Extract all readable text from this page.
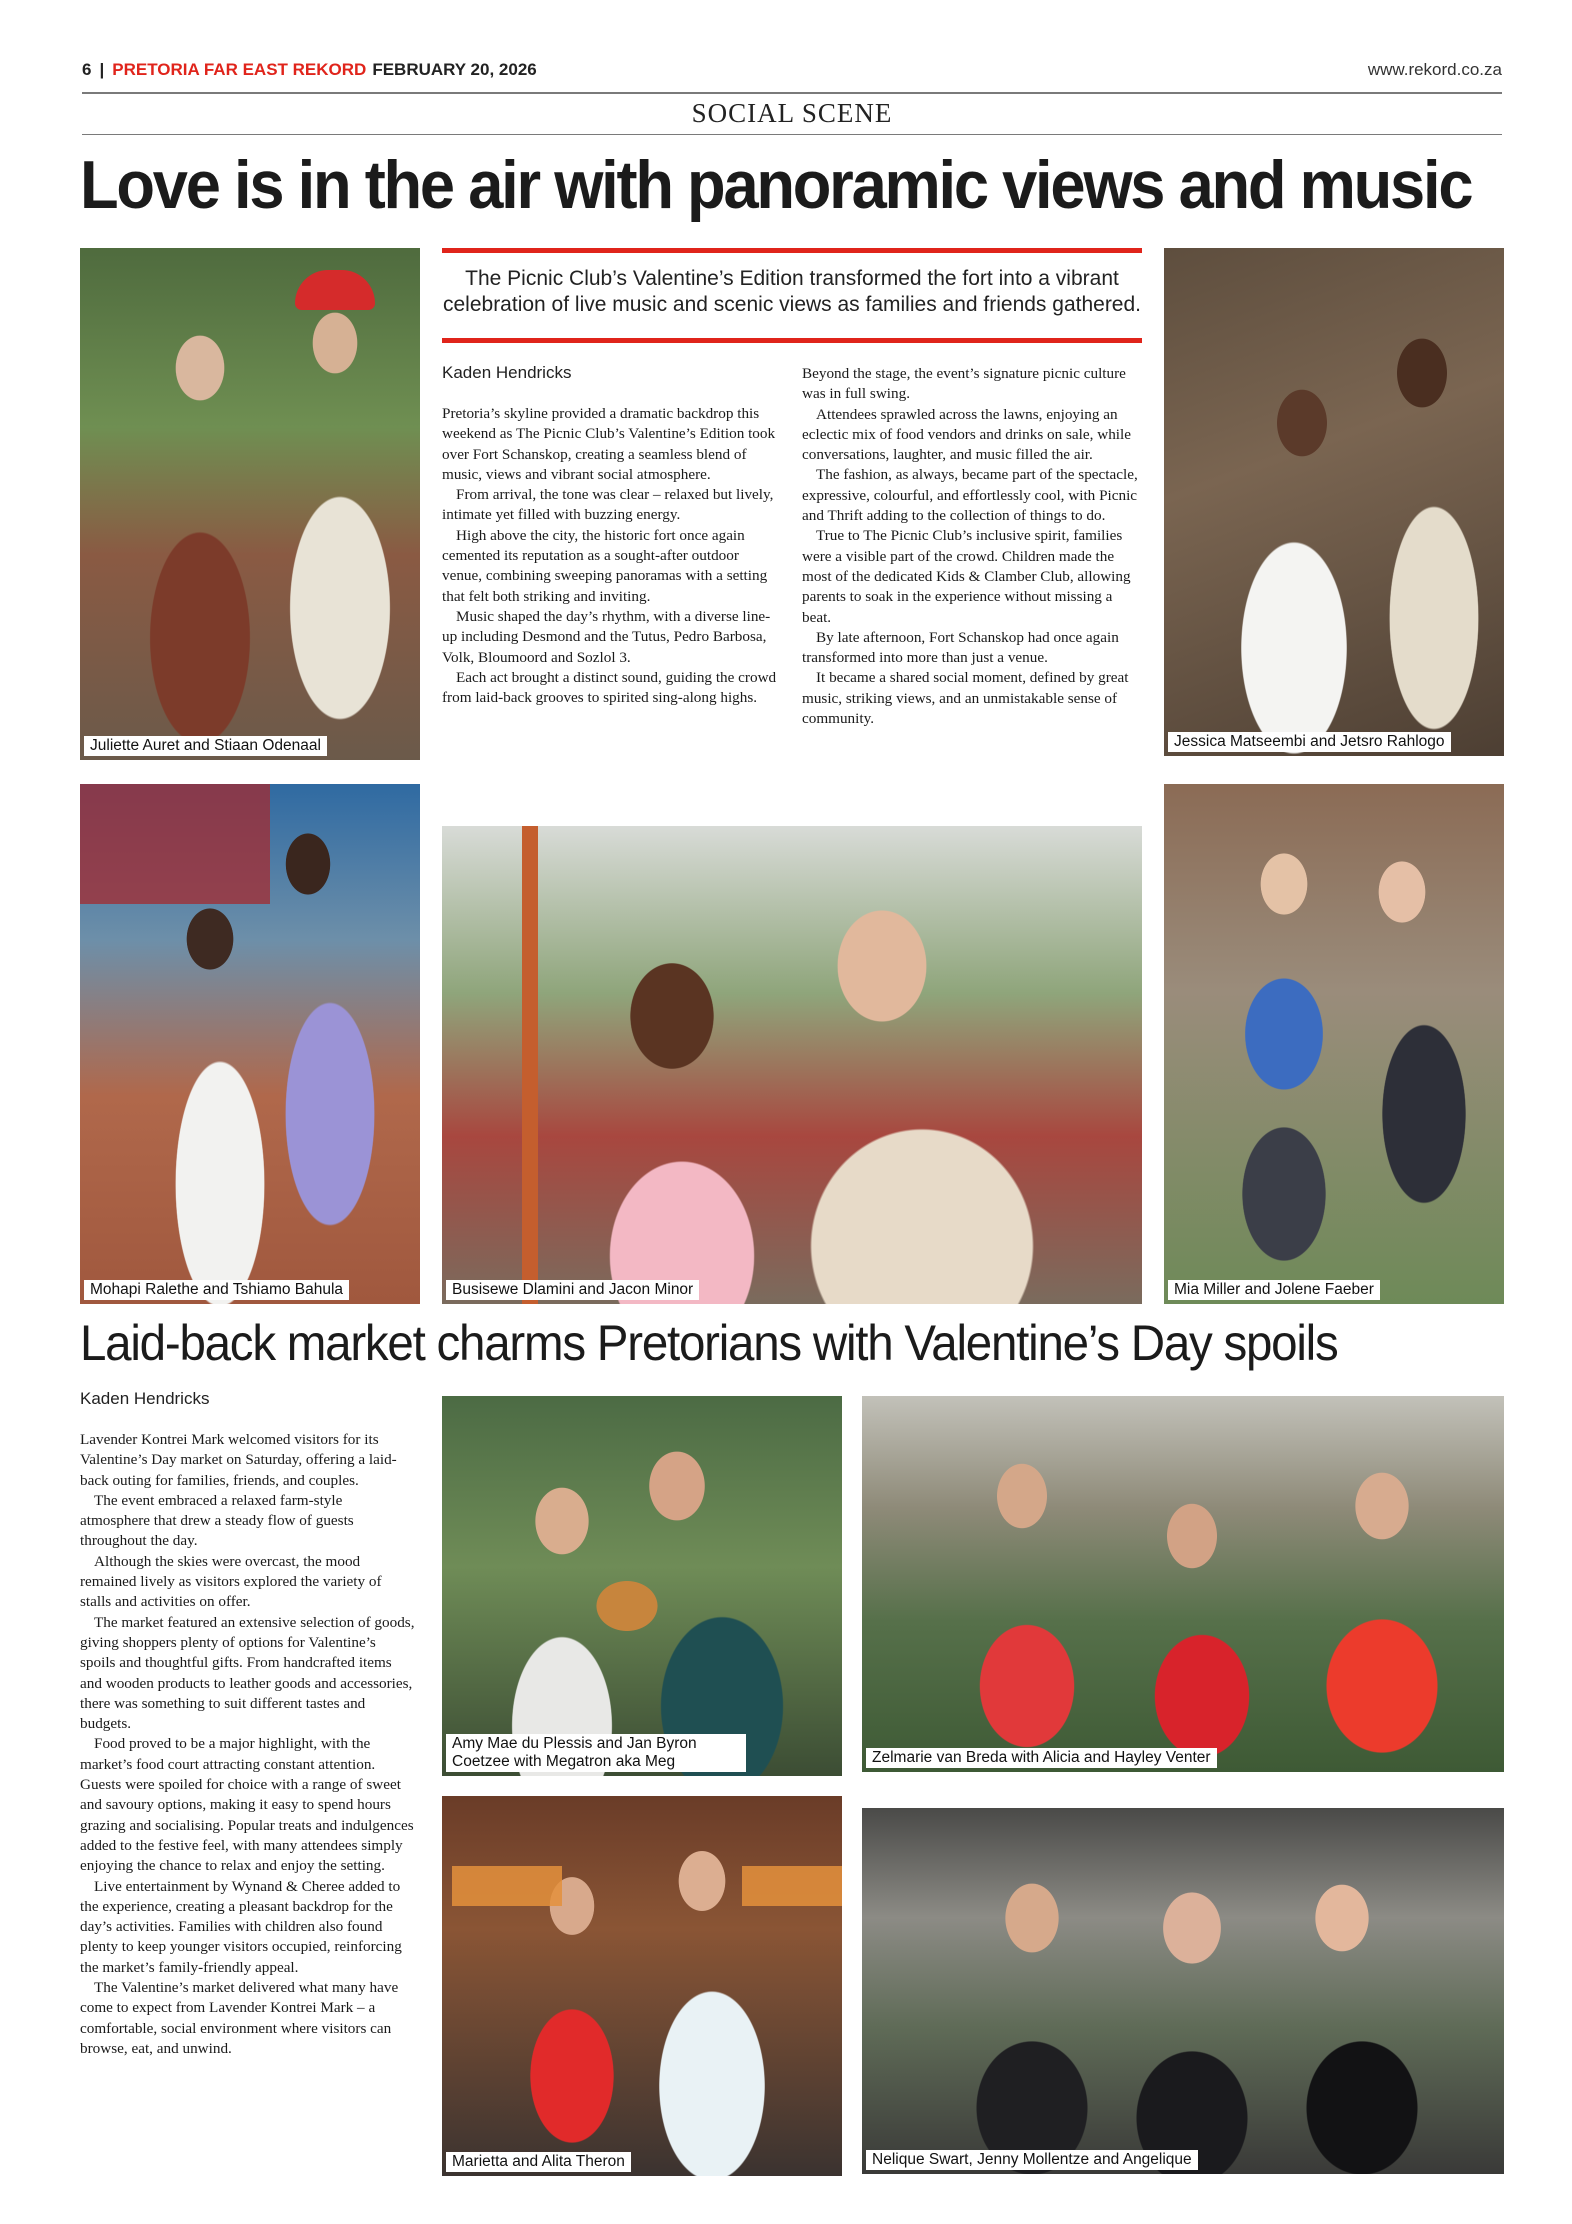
6 | PRETORIA FAR EAST REKORD FEBRUARY 20, 2026	www.rekord.co.za
SOCIAL SCENE
Love is in the air with panoramic views and music
Juliette Auret and Stiaan Odenaal
The Picnic Club’s Valentine’s Edition transformed the fort into a vibrant celebration of live music and scenic views as families and friends gathered.
Kaden Hendricks

Pretoria’s skyline provided a dramatic backdrop this weekend as The Picnic Club’s Valentine’s Edition took over Fort Schanskop, creating a seamless blend of music, views and vibrant social atmosphere.

From arrival, the tone was clear – relaxed but lively, intimate yet filled with buzzing energy.

High above the city, the historic fort once again cemented its reputation as a sought-after outdoor venue, combining sweeping panoramas with a setting that felt both striking and inviting.

Music shaped the day’s rhythm, with a diverse line-up including Desmond and the Tutus, Pedro Barbosa, Volk, Bloumoord and Sozlol 3.

Each act brought a distinct sound, guiding the crowd from laid-back grooves to spirited sing-along highs.

Beyond the stage, the event’s signature picnic culture was in full swing.

Attendees sprawled across the lawns, enjoying an eclectic mix of food vendors and drinks on sale, while conversations, laughter, and music filled the air.

The fashion, as always, became part of the spectacle, expressive, colourful, and effortlessly cool, with Picnic and Thrift adding to the collection of things to do.

True to The Picnic Club’s inclusive spirit, families were a visible part of the crowd. Children made the most of the dedicated Kids & Clamber Club, allowing parents to soak in the experience without missing a beat.

By late afternoon, Fort Schanskop had once again transformed into more than just a venue.

It became a shared social moment, defined by great music, striking views, and an unmistakable sense of community.

Jessica Matseembi and Jetsro Rahlogo
Mohapi Ralethe and Tshiamo Bahula	Busisewe Dlamini and Jacon Minor	Mia Miller and Jolene Faeber
Laid-back market charms Pretorians with Valentine’s Day spoils
Kaden Hendricks

Lavender Kontrei Mark welcomed visitors for its Valentine’s Day market on Saturday, offering a laid-back outing for families, friends, and couples.

The event embraced a relaxed farm-style atmosphere that drew a steady flow of guests throughout the day.

Although the skies were overcast, the mood remained lively as visitors explored the variety of stalls and activities on offer.

The market featured an extensive selection of goods, giving shoppers plenty of options for Valentine’s spoils and thoughtful gifts. From handcrafted items and wooden products to leather goods and accessories, there was something to suit different tastes and budgets.

Food proved to be a major highlight, with the market’s food court attracting constant attention. Guests were spoiled for choice with a range of sweet and savoury options, making it easy to spend hours grazing and socialising. Popular treats and indulgences added to the festive feel, with many attendees simply enjoying the chance to relax and enjoy the setting.

Live entertainment by Wynand & Cheree added to the experience, creating a pleasant backdrop for the day’s activities. Families with children also found plenty to keep younger visitors occupied, reinforcing the market’s family-friendly appeal.

The Valentine’s market delivered what many have come to expect from Lavender Kontrei Mark – a comfortable, social environment where visitors can browse, eat, and unwind.

Amy Mae du Plessis and Jan Byron Coetzee with Megatron aka Meg	Zelmarie van Breda with Alicia and Hayley Venter
Marietta and Alita Theron	Nelique Swart, Jenny Mollentze and Angelique
